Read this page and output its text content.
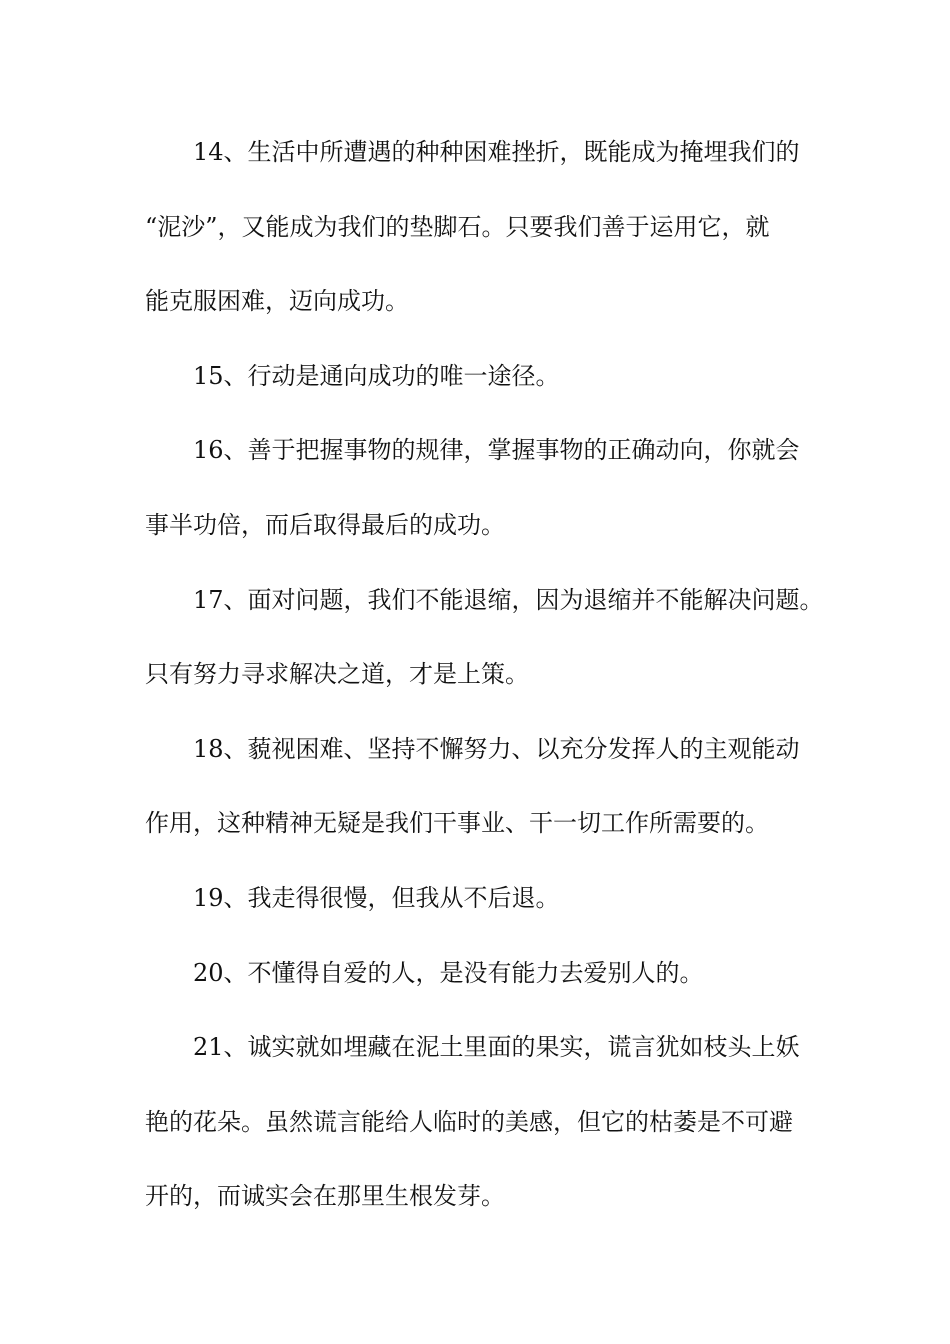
14、生活中所遭遇的种种困难挫折，既能成为掩埋我们的
“泥沙”，又能成为我们的垫脚石。只要我们善于运用它，就
能克服困难，迈向成功。
15、行动是通向成功的唯一途径。
16、善于把握事物的规律，掌握事物的正确动向，你就会
事半功倍，而后取得最后的成功。
17、面对问题，我们不能退缩，因为退缩并不能解决问题。
只有努力寻求解决之道，才是上策。
18、藐视困难、坚持不懈努力、以充分发挥人的主观能动
作用，这种精神无疑是我们干事业、干一切工作所需要的。
19、我走得很慢，但我从不后退。
20、不懂得自爱的人，是没有能力去爱别人的。
21、诚实就如埋藏在泥土里面的果实，谎言犹如枝头上妖
艳的花朵。虽然谎言能给人临时的美感，但它的枯萎是不可避
开的，而诚实会在那里生根发芽。
